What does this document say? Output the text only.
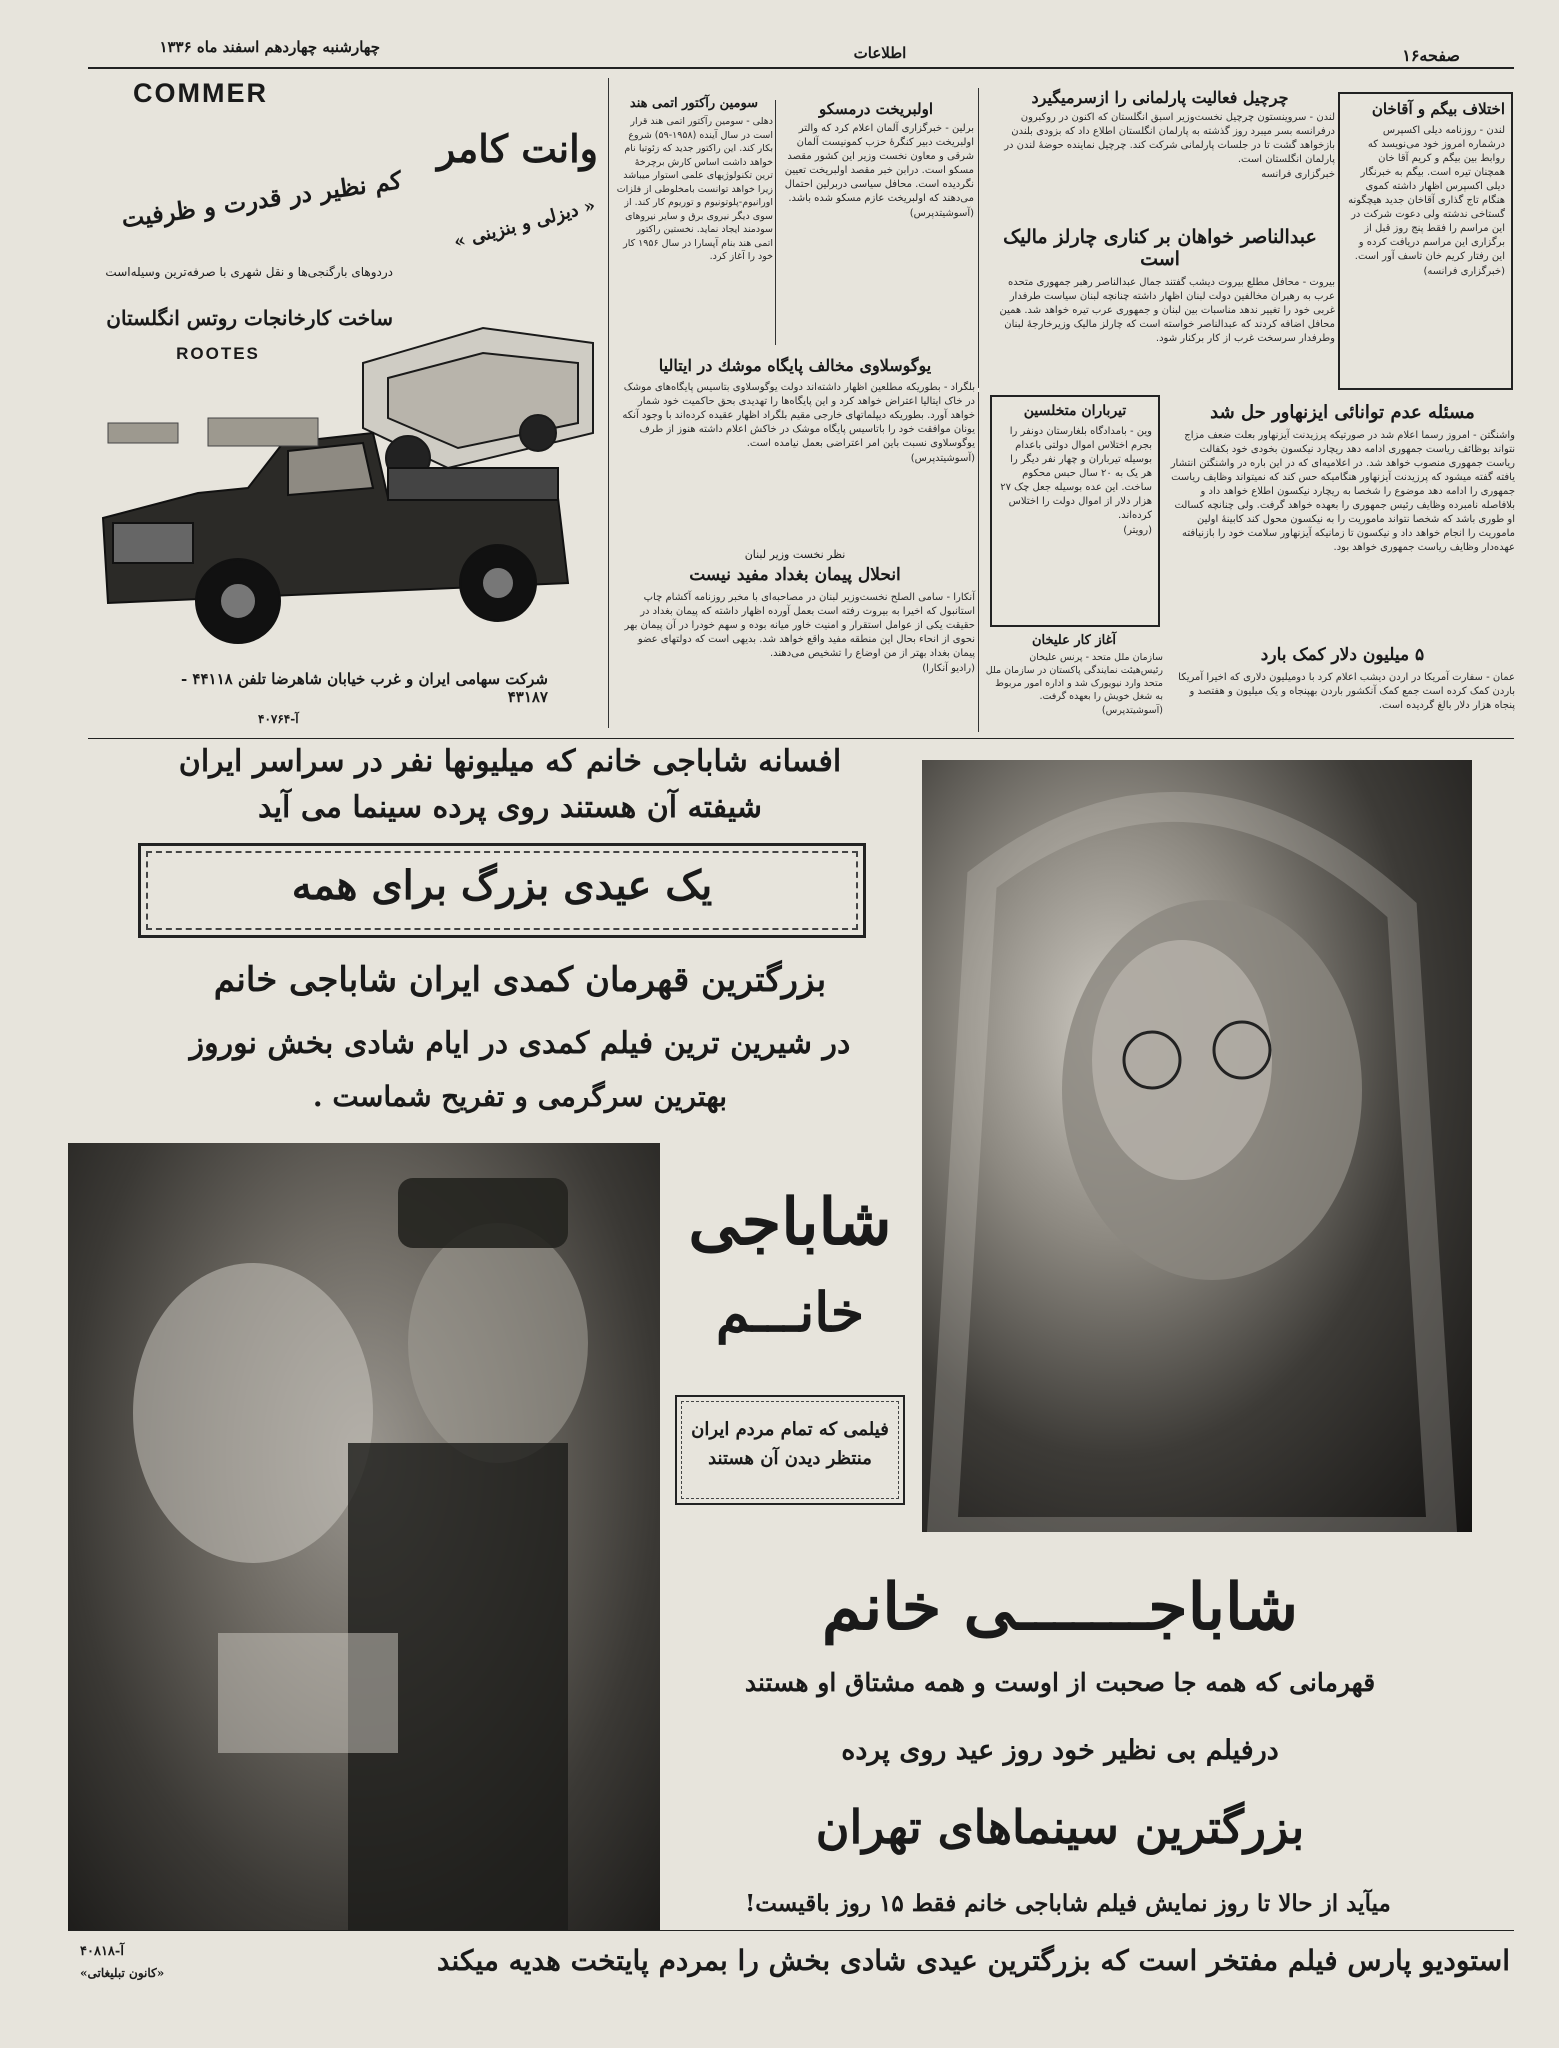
چهارشنبه چهاردهم اسفند ماه ۱۳۳۶	اطلاعات	صفحه۱۶
COMMER
وانت کامر
کم نظیر در قدرت و ظرفیت	« دیزلی و بنزینی »
دردوهای بارگنجی‌ها و نقل شهری با صرفه‌ترین وسیله‌است
ساخت کارخانجات روتس انگلستان
ROOTES
شرکت سهامی ایران و غرب خیابان شاهرضا تلفن ۴۴۱۱۸ - ۴۳۱۸۷
آ-۴۰۷۶۴
اختلاف بیگم و آقاخان
لندن - روزنامه دیلی اکسپرس درشماره امروز خود می‌نویسد که روابط بین بیگم و کریم آقا خان همچنان تیره است. بیگم به خبرنگار دیلی اکسپرس اظهار داشته کموی هنگام تاج گذاری آقاخان جدید هیچگونه گستاخی ندشته ولی دعوت شرکت در این مراسم را فقط پنج روز قبل از برگزاری این مراسم دریافت کرده و این رفتار کریم خان تاسف آور است.
(خبرگزاری فرانسه)
چرچیل فعالیت پارلمانی را ازسرمیگیرد
لندن - سروینستون چرچیل نخست‌وزیر اسبق انگلستان که اکنون در روکبرون درفرانسه بسر میبرد روز گذشته به پارلمان انگلستان اطلاع داد که بزودی بلندن بازخواهد گشت تا در جلسات پارلمانی شرکت کند. چرچیل نماینده حوضهٔ لندن در پارلمان انگلستان است.
خبرگزاری فرانسه
عبدالناصر خواهان بر کناری چارلز مالیک است
بیروت - محافل مطلع بیروت دیشب گفتند جمال عبدالناصر رهبر جمهوری متحده عرب به رهبران مخالفین دولت لبنان اظهار داشته چنانچه لبنان سیاست طرفدار غربی خود را تغییر ندهد مناسبات بین لبنان و جمهوری عرب تیره خواهد شد. همین محافل اضافه کردند که عبدالناصر خواسته است که چارلز مالیک وزیرخارجهٔ لبنان وطرفدار سرسخت غرب از کار برکنار شود.
اولبریخت درمسکو
برلین - خبرگزاری آلمان اعلام کرد که والتر اولبریخت دبیر کنگرهٔ حزب کمونیست آلمان شرقی و معاون نخست وزیر این کشور مقصد مسکو است. درابن خبر مقصد اولبریخت تعیین نگردیده است. محافل سیاسی دربرلین احتمال می‌دهند که اولبریخت عازم مسکو شده باشد.
(آسوشیتدپرس)
سومین رآکتور اتمی هند
دهلی - سومین رآکتور اتمی هند قرار است در سال آینده (۱۹۵۸-۵۹) شروع بکار کند. این راکتور جدید که زئوتیا نام خواهد داشت اساس کارش برچرخهٔ ترین تکنولوژیهای علمی استوار میباشد زیرا خواهد توانست بامخلوطی از فلزات اورانیوم-پلوتونیوم و توریوم کار کند. از سوی دیگر نیروی برق و سایر نیروهای سودمند ایجاد نماید. نخستین راکتور اتمی هند بنام آپسارا در سال ۱۹۵۶ کار خود را آغاز کرد.
یوگوسلاوی مخالف پایگاه موشك در ایتالیا
بلگراد - بطوریکه مطلعین اظهار داشته‌اند دولت یوگوسلاوی بتاسیس پایگاه‌های موشک در خاک ایتالیا اعتراض خواهد کرد و این پایگاه‌ها را تهدیدی بحق حاکمیت خود شمار خواهد آورد. بطوریکه دیپلماتهای خارجی مقیم بلگراد اظهار عقیده کرده‌اند با وجود آنکه یونان موافقت خود را باتاسیس پایگاه موشک در خاکش اعلام داشته هنوز از طرف یوگوسلاوی نسبت باین امر اعتراضی بعمل نیامده است.
(آسوشیتدپرس)
نظر نخست وزیر لبنان
انحلال پیمان بغداد مفید نیست
آنکارا - سامی الصلح نخست‌وزیر لبنان در مصاحبه‌ای با مخبر روزنامه آکشام چاپ استانبول که اخیرا به بیروت رفته است بعمل آورده اظهار داشته که پیمان بغداد در حقیقت یکی از عوامل استقرار و امنیت خاور میانه بوده و سهم خودرا در آن پیمان بهر نحوی از انحاء بحال این منطقه مفید واقع خواهد شد. بدیهی است که دولتهای عضو پیمان بغداد بهتر از من اوضاع را تشخیص می‌دهند.
(رادیو آنکارا)
تیرباران متخلسین
وین - بامدادگاه بلغارستان دونفر را بجرم اختلاس اموال دولتی باعدام بوسیله تیرباران و چهار نفر دیگر را هر یک به ۲۰ سال حبس محکوم ساخت. این عده بوسیله جعل چک ۲۷ هزار دلار از اموال دولت را اختلاس کرده‌اند.
(رویتر)
آغاز کار علیخان
سازمان ملل متحد - پرنس علیخان رئیس‌هیئت نمایندگی پاکستان در سازمان ملل متحد وارد نیویورک شد و اداره امور مربوط به شغل خویش را بعهده گرفت.
(آسوشیتدپرس)
مسئله عدم توانائی ایزنهاور حل شد
واشنگتن - امروز رسما اعلام شد در صورتیکه پرزیدنت آیزنهاور بعلت ضعف مزاج نتواند بوظائف ریاست جمهوری ادامه دهد ریچارد نیکسون بخودی خود بکفالت ریاست جمهوری منصوب خواهد شد. در اعلامیه‌ای که در این باره در واشنگتن انتشار یافته گفته میشود که پرزیدنت آیزنهاور هنگامیکه حس کند که نمیتواند وظایف ریاست جمهوری را ادامه دهد موضوع را شخصا به ریچارد نیکسون اطلاع خواهد داد و بلافاصله نامبرده وظایف رئیس جمهوری را بعهده خواهد گرفت. ولی چنانچه کسالت او طوری باشد که شخصا نتواند ماموریت را به نیکسون محول کند کابینهٔ اولین ماموریت را انجام خواهد داد و نیکسون تا زمانیکه آیزنهاور سلامت خود را بازنیافته عهده‌دار وظایف ریاست جمهوری خواهد بود.
۵ میلیون دلار کمک بارد
عمان - سفارت آمریکا در اردن دیشب اعلام کرد با دومیلیون دلاری که اخیرا آمریکا باردن کمک کرده است جمع کمک آنکشور باردن بهپنجاه و یک میلیون و هفتصد و پنجاه هزار دلار بالغ گردیده است.
افسانه شاباجی خانم که میلیونها نفر در سراسر ایران
شیفته آن هستند روی پرده سینما می آید
یک عیدی بزرگ برای همه
بزرگترین قهرمان کمدی ایران شاباجی خانم
در شیرین ترین فیلم کمدی در ایام شادی بخش نوروز
بهترین سرگرمی و تفریح شماست .
شاباجی
خانـــم
فیلمی که تمام مردم ایران
منتظر دیدن آن هستند
شاباجـــــــی خانم
قهرمانی که همه جا صحبت از اوست و همه مشتاق او هستند
درفیلم بی نظیر خود روز عید روی پرده
بزرگترین سینماهای تهران
میآید از حالا تا روز نمایش فیلم شاباجی خانم فقط ۱۵ روز باقیست!
استودیو پارس فیلم مفتخر است که بزرگترین عیدی شادی بخش را بمردم پایتخت هدیه میکند
آ-۴۰۸۱۸
«کانون تبلیغاتی»
